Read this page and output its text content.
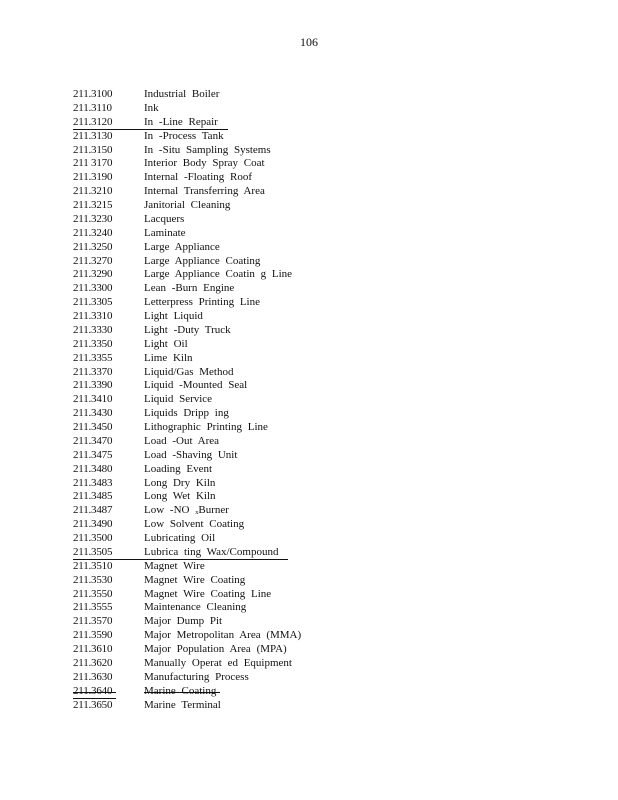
106
211.3100	Industrial Boiler
211.3110	Ink
211.3120	In -Line Repair
211.3130	In -Process Tank
211.3150	In -Situ Sampling Systems
211 3170	Interior Body Spray Coat
211.3190	Internal -Floating Roof
211.3210	Internal Transferring Area
211.3215	Janitorial Cleaning
211.3230	Lacquers
211.3240	Laminate
211.3250	Large Appliance
211.3270	Large Appliance Coating
211.3290	Large Appliance Coatin g Line
211.3300	Lean -Burn Engine
211.3305	Letterpress Printing Line
211.3310	Light Liquid
211.3330	Light -Duty Truck
211.3350	Light Oil
211.3355	Lime Kiln
211.3370	Liquid/Gas Method
211.3390	Liquid -Mounted Seal
211.3410	Liquid Service
211.3430	Liquids Dripp ing
211.3450	Lithographic Printing Line
211.3470	Load -Out Area
211.3475	Load -Shaving Unit
211.3480	Loading Event
211.3483	Long Dry Kiln
211.3485	Long Wet Kiln
211.3487	Low -NO ₓBurner
211.3490	Low Solvent Coating
211.3500	Lubricating Oil
211.3505	Lubrica ting Wax/Compound
211.3510	Magnet Wire
211.3530	Magnet Wire Coating
211.3550	Magnet Wire Coating Line
211.3555	Maintenance Cleaning
211.3570	Major Dump Pit
211.3590	Major Metropolitan Area (MMA)
211.3610	Major Population Area (MPA)
211.3620	Manually Operat ed Equipment
211.3630	Manufacturing Process
211.3640	Marine Coating
211.3650	Marine Terminal
